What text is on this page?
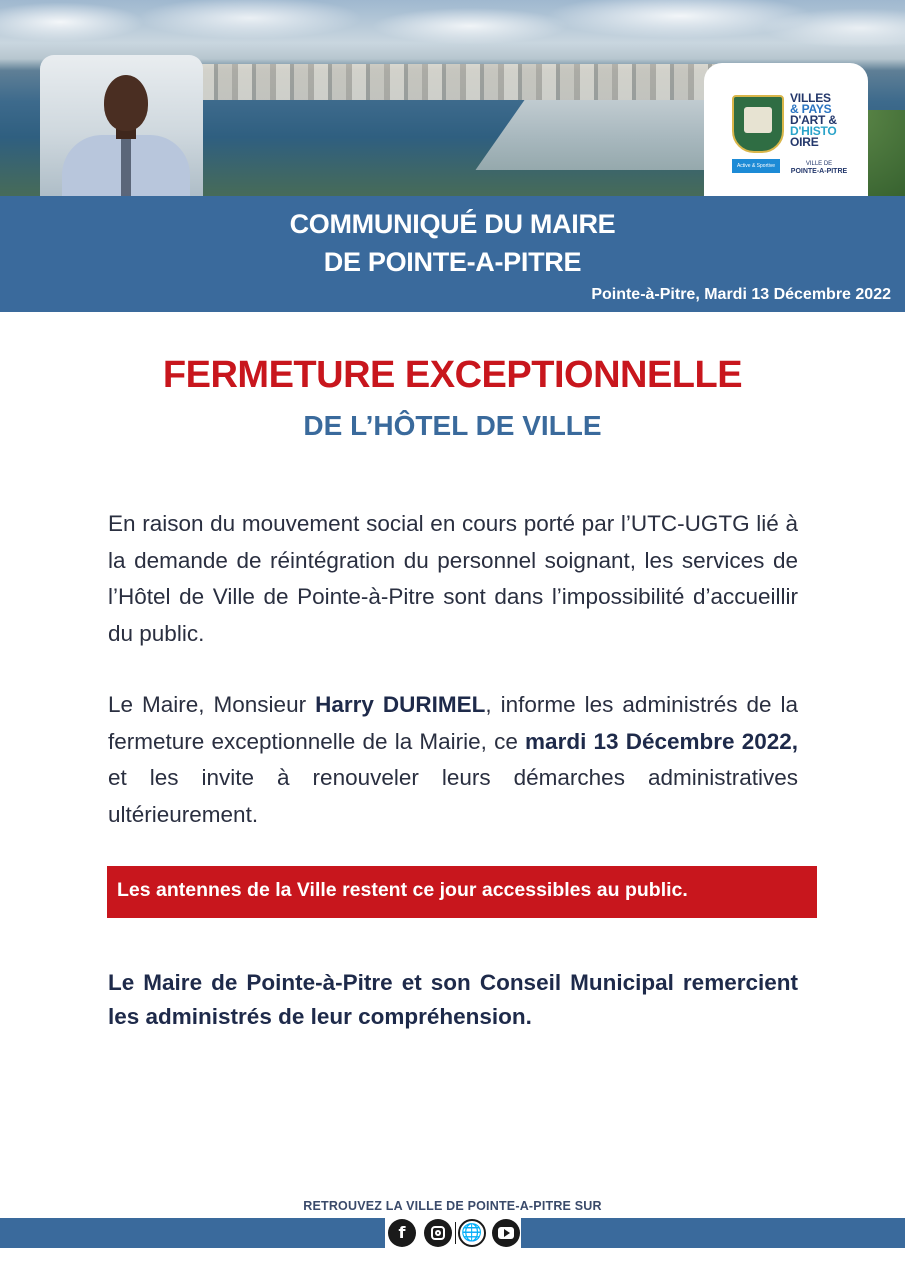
Active & Sportive
VILLES
& PAYS
D'ART &
D'HISTO
OIRE
VILLE DE
POINTE-A-PITRE
COMMUNIQUÉ DU MAIRE
DE POINTE-A-PITRE
Pointe-à-Pitre, Mardi 13 Décembre 2022
FERMETURE EXCEPTIONNELLE
DE L’HÔTEL DE VILLE

En raison du mouvement social en cours porté par l’UTC-UGTG lié à la demande de réintégration du personnel soignant, les services de l’Hôtel de Ville de Pointe-à-Pitre sont dans l’impossibilité d’accueillir du public.

Le Maire, Monsieur Harry DURIMEL, informe les administrés de la fermeture exceptionnelle de la Mairie, ce mardi 13 Décembre 2022, et les invite à renouveler leurs démarches administratives ultérieurement.

Les antennes de la Ville restent ce jour accessibles au public.

Le Maire de Pointe-à-Pitre et son Conseil Municipal remercient les administrés de leur compréhension.

RETROUVEZ LA VILLE DE POINTE-A-PITRE SUR
f	🌐
